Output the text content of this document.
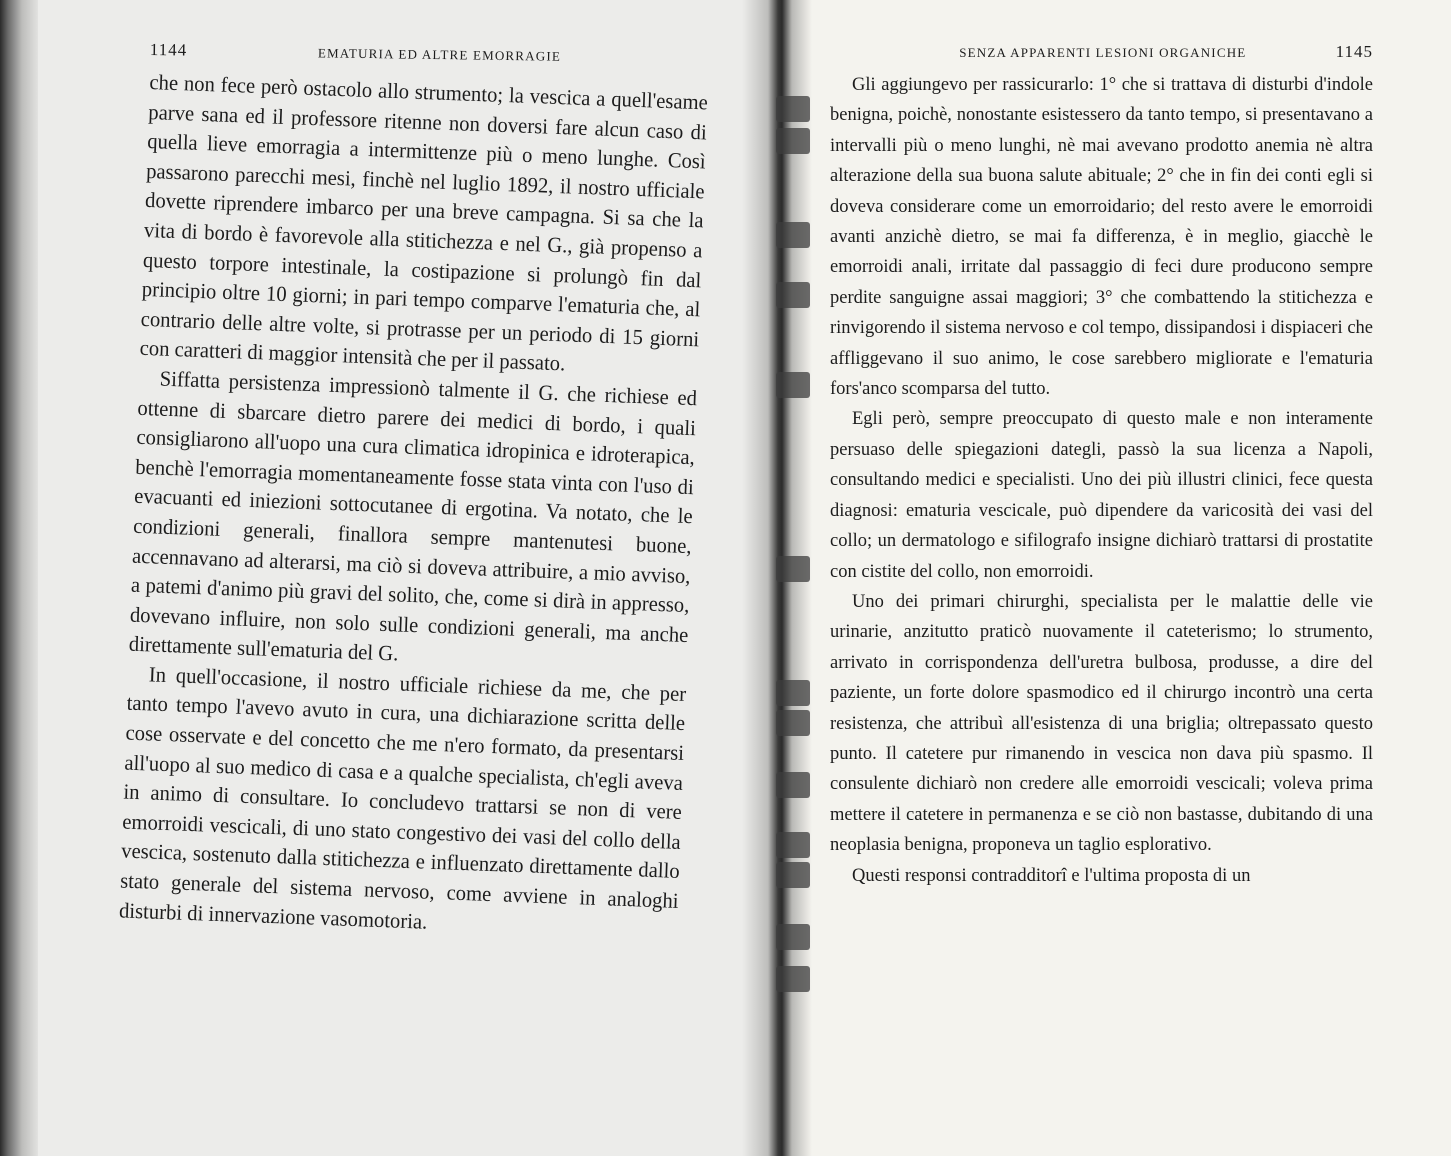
1144	EMATURIA ED ALTRE EMORRAGIE

che non fece però ostacolo allo strumento; la vescica a quell'esame parve sana ed il professore ritenne non doversi fare alcun caso di quella lieve emorragia a intermittenze più o meno lunghe. Così passarono parecchi mesi, finchè nel luglio 1892, il nostro ufficiale dovette riprendere imbarco per una breve campagna. Si sa che la vita di bordo è favorevole alla stitichezza e nel G., già propenso a questo torpore intestinale, la costipazione si prolungò fin dal principio oltre 10 giorni; in pari tempo comparve l'ematuria che, al contrario delle altre volte, si protrasse per un periodo di 15 giorni con caratteri di maggior intensità che per il passato.

Siffatta persistenza impressionò talmente il G. che richiese ed ottenne di sbarcare dietro parere dei medici di bordo, i quali consigliarono all'uopo una cura climatica idropinica e idroterapica, benchè l'emorragia momentaneamente fosse stata vinta con l'uso di evacuanti ed iniezioni sottocutanee di ergotina. Va notato, che le condizioni generali, finallora sempre mantenutesi buone, accennavano ad alterarsi, ma ciò si doveva attribuire, a mio avviso, a patemi d'animo più gravi del solito, che, come si dirà in appresso, dovevano influire, non solo sulle condizioni generali, ma anche direttamente sull'ematuria del G.

In quell'occasione, il nostro ufficiale richiese da me, che per tanto tempo l'avevo avuto in cura, una dichiarazione scritta delle cose osservate e del concetto che me n'ero formato, da presentarsi all'uopo al suo medico di casa e a qualche specialista, ch'egli aveva in animo di consultare. Io concludevo trattarsi se non di vere emorroidi vescicali, di uno stato congestivo dei vasi del collo della vescica, sostenuto dalla stitichezza e influenzato direttamente dallo stato generale del sistema nervoso, come avviene in analoghi disturbi di innervazione vasomotoria.

SENZA APPARENTI LESIONI ORGANICHE	1145

Gli aggiungevo per rassicurarlo: 1° che si trattava di disturbi d'indole benigna, poichè, nonostante esistessero da tanto tempo, si presentavano a intervalli più o meno lunghi, nè mai avevano prodotto anemia nè altra alterazione della sua buona salute abituale; 2° che in fin dei conti egli si doveva considerare come un emorroidario; del resto avere le emorroidi avanti anzichè dietro, se mai fa differenza, è in meglio, giacchè le emorroidi anali, irritate dal passaggio di feci dure producono sempre perdite sanguigne assai maggiori; 3° che combattendo la stitichezza e rinvigorendo il sistema nervoso e col tempo, dissipandosi i dispiaceri che affliggevano il suo animo, le cose sarebbero migliorate e l'ematuria fors'anco scomparsa del tutto.

Egli però, sempre preoccupato di questo male e non interamente persuaso delle spiegazioni dategli, passò la sua licenza a Napoli, consultando medici e specialisti. Uno dei più illustri clinici, fece questa diagnosi: ematuria vescicale, può dipendere da varicosità dei vasi del collo; un dermatologo e sifilografo insigne dichiarò trattarsi di prostatite con cistite del collo, non emorroidi.

Uno dei primari chirurghi, specialista per le malattie delle vie urinarie, anzitutto praticò nuovamente il cateterismo; lo strumento, arrivato in corrispondenza dell'uretra bulbosa, produsse, a dire del paziente, un forte dolore spasmodico ed il chirurgo incontrò una certa resistenza, che attribuì all'esistenza di una briglia; oltrepassato questo punto. Il catetere pur rimanendo in vescica non dava più spasmo. Il consulente dichiarò non credere alle emorroidi vescicali; voleva prima mettere il catetere in permanenza e se ciò non bastasse, dubitando di una neoplasia benigna, proponeva un taglio esplorativo.

Questi responsi contradditorî e l'ultima proposta di un
